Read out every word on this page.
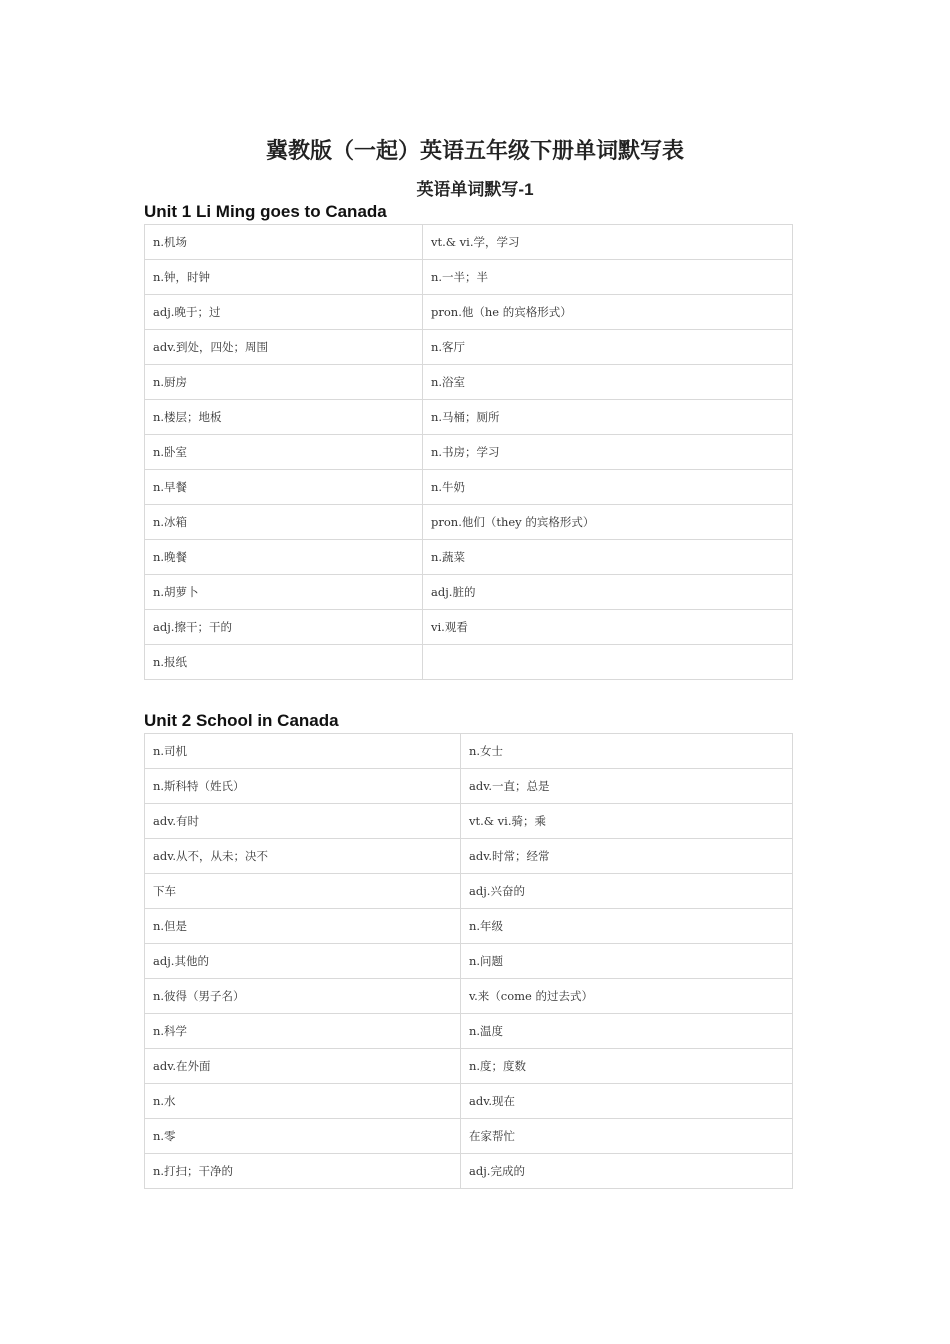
冀教版（一起）英语五年级下册单词默写表
英语单词默写-1
Unit 1 Li Ming goes to Canada
n.机场	vt.& vi.学，学习
n.钟，时钟	n.一半；半
adj.晚于；过	pron.他（he 的宾格形式）
adv.到处，四处；周围	n.客厅
n.厨房	n.浴室
n.楼层；地板	n.马桶；厕所
n.卧室	n.书房；学习
n.早餐	n.牛奶
n.冰箱	pron.他们（they 的宾格形式）
n.晚餐	n.蔬菜
n.胡萝卜	adj.脏的
adj.擦干；干的	vi.观看
n.报纸	
Unit 2 School in Canada
n.司机	n.女士
n.斯科特（姓氏）	adv.一直；总是
adv.有时	vt.& vi.骑；乘
adv.从不，从未；决不	adv.时常；经常
下车	adj.兴奋的
n.但是	n.年级
adj.其他的	n.问题
n.彼得（男子名）	v.来（come 的过去式）
n.科学	n.温度
adv.在外面	n.度；度数
n.水	adv.现在
n.零	在家帮忙
n.打扫；干净的	adj.完成的
